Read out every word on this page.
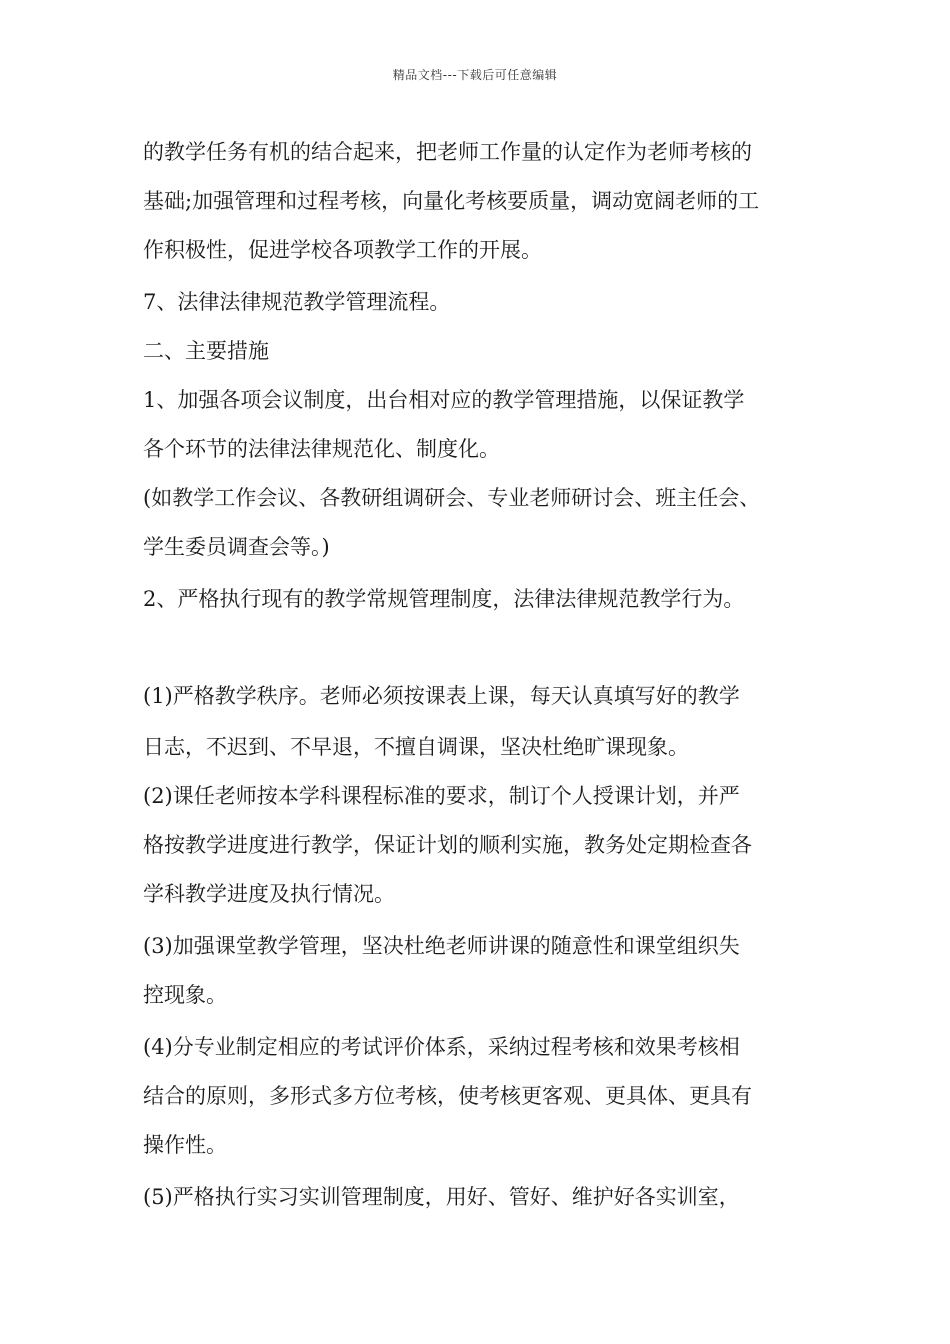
精品文档---下载后可任意编辑
的教学任务有机的结合起来，把老师工作量的认定作为老师考核的
基础;加强管理和过程考核，向量化考核要质量，调动宽阔老师的工
作积极性，促进学校各项教学工作的开展。
7、法律法律规范教学管理流程。
二、主要措施
1、加强各项会议制度，出台相对应的教学管理措施，以保证教学
各个环节的法律法律规范化、制度化。
(如教学工作会议、各教研组调研会、专业老师研讨会、班主任会、
学生委员调查会等。)
2、严格执行现有的教学常规管理制度，法律法律规范教学行为。
(1)严格教学秩序。老师必须按课表上课，每天认真填写好的教学
日志，不迟到、不早退，不擅自调课，坚决杜绝旷课现象。
(2)课任老师按本学科课程标准的要求，制订个人授课计划，并严
格按教学进度进行教学，保证计划的顺利实施，教务处定期检查各
学科教学进度及执行情况。
(3)加强课堂教学管理，坚决杜绝老师讲课的随意性和课堂组织失
控现象。
(4)分专业制定相应的考试评价体系，采纳过程考核和效果考核相
结合的原则，多形式多方位考核，使考核更客观、更具体、更具有
操作性。
(5)严格执行实习实训管理制度，用好、管好、维护好各实训室，
